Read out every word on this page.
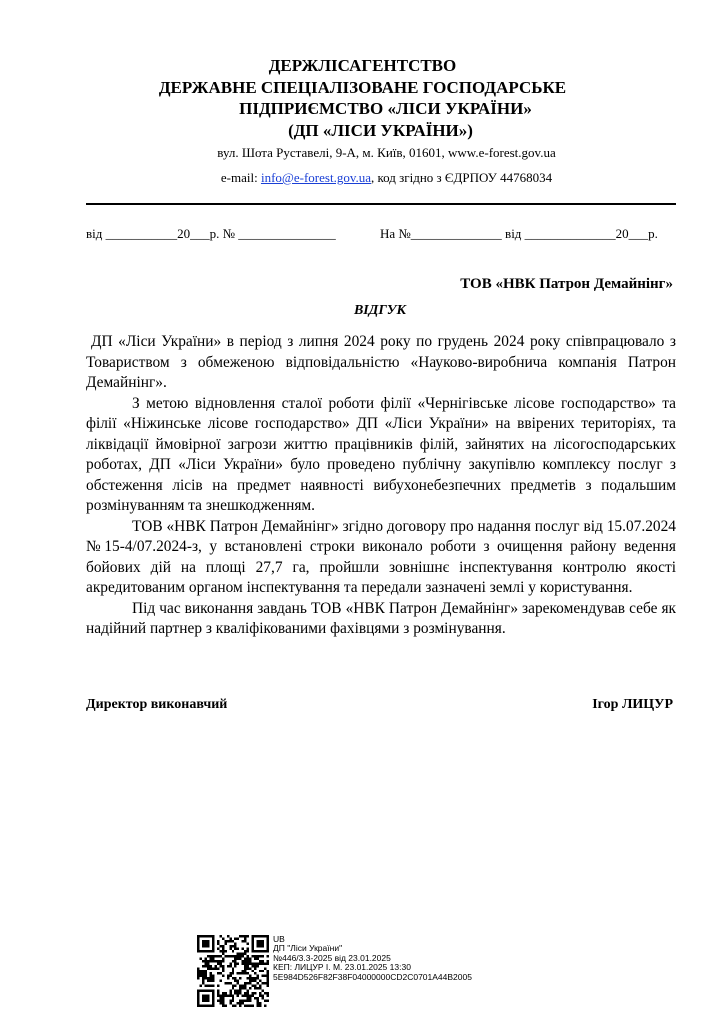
ДЕРЖЛІСАГЕНТСТВО
ДЕРЖАВНЕ СПЕЦІАЛІЗОВАНЕ ГОСПОДАРСЬКЕ
ПІДПРИЄМСТВО «ЛІСИ УКРАЇНИ»
(ДП «ЛІСИ УКРАЇНИ»)
вул. Шота Руставелі, 9-А, м. Київ, 01601, www.e-forest.gov.ua
e-mail: info@e-forest.gov.ua, код згідно з ЄДРПОУ 44768034
від ___________20___р. № _______________	На №______________ від ______________20___р.
ТОВ «НВК Патрон Демайнінг»
ВІДГУК

ДП «Ліси України» в період з липня 2024 року по грудень 2024 року співпрацювало з Товариством з обмеженою відповідальністю «Науково-виробнича компанія Патрон Демайнінг».

З метою відновлення сталої роботи філії «Чернігівське лісове господарство» та філії «Ніжинське лісове господарство» ДП «Ліси України» на ввірених територіях, та ліквідації ймовірної загрози життю працівників філій, зайнятих на лісогосподарських роботах, ДП «Ліси України» було проведено публічну закупівлю комплексу послуг з обстеження лісів на предмет наявності вибухонебезпечних предметів з подальшим розмінуванням та знешкодженням.

ТОВ «НВК Патрон Демайнінг» згідно договору про надання послуг від 15.07.2024 №15-4/07.2024-з, у встановлені строки виконало роботи з очищення району ведення бойових дій на площі 27,7 га, пройшли зовнішнє інспектування контролю якості акредитованим органом інспектування та передали зазначені землі у користування.

Під час виконання завдань ТОВ «НВК Патрон Демайнінг» зарекомендував себе як надійний партнер з кваліфікованими фахівцями з розмінування.

Директор виконавчий	Ігор ЛИЦУР
UB
ДП "Ліси України"
№446/3.3-2025 від 23.01.2025
КЕП: ЛИЦУР І. М. 23.01.2025 13:30
5E984D526F82F38F04000000CD2C0701A44B2005
